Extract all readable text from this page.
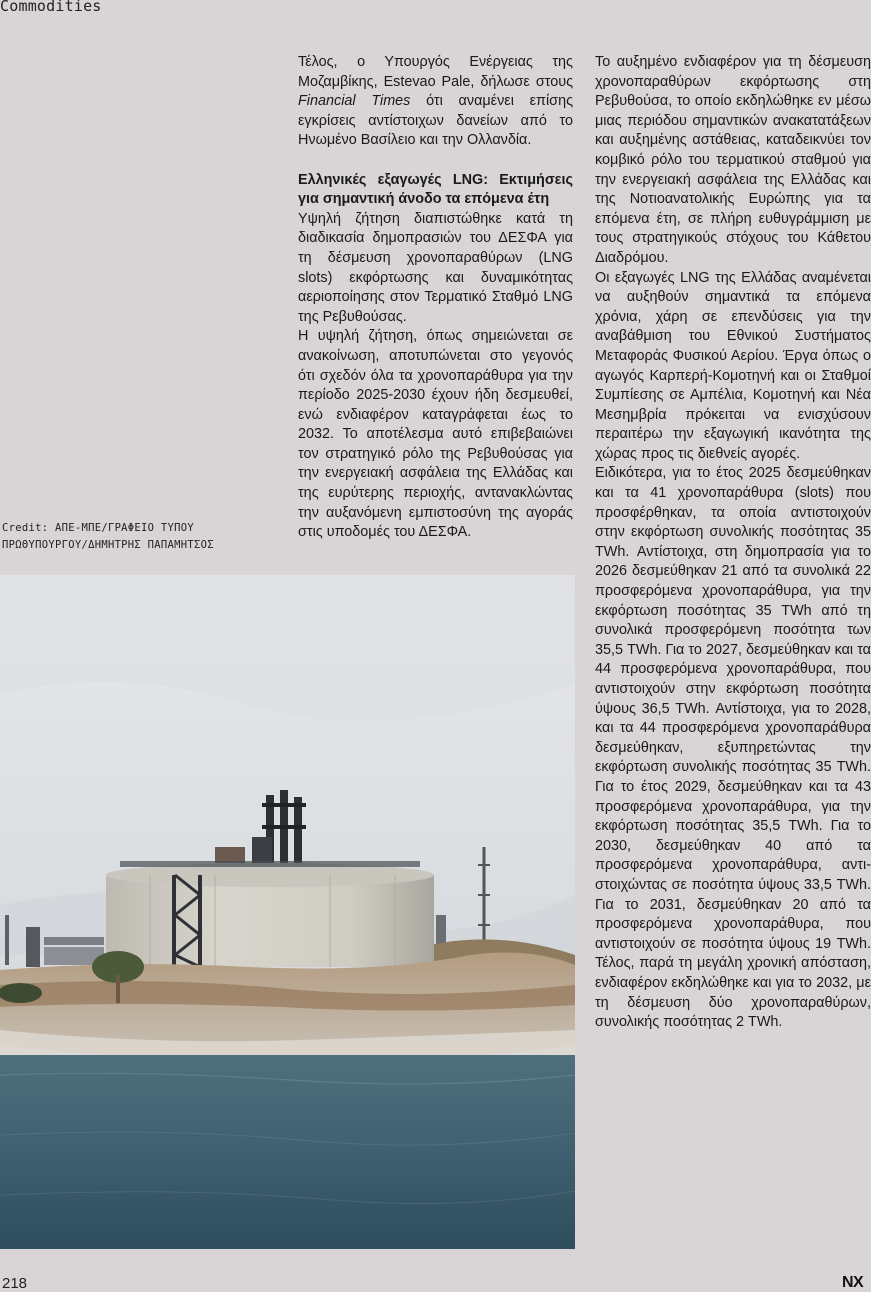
Commodities
Credit: ΑΠΕ-ΜΠΕ/ΓΡΑΦΕΙΟ ΤΥΠΟΥ
ΠΡΩΘΥΠΟΥΡΓΟΥ/ΔΗΜΗΤΡΗΣ ΠΑΠΑΜΗΤΣΟΣ

Τέλος, ο Υπουργός Ενέργειας της Μοζαμβίκης, Estevao Pale, δήλωσε στους Financial Times ότι αναμένει επίσης εγκρίσεις αντίστοιχων δανείων από το Ηνωμένο Βασίλειο και την Ολλανδία.

Ελληνικές εξαγωγές LNG: Εκτιμήσεις για σημαντική άνοδο τα επόμενα έτη

Υψηλή ζήτηση διαπιστώθηκε κατά τη διαδικασία δημοπρασιών του ΔΕΣΦΑ για τη δέσμευση χρονοπαραθύρων (LNG slots) εκφόρτωσης και δυναμικότητας αεριοποίησης στον Τερματικό Σταθμό LNG της Ρεβυθούσας.

Η υψηλή ζήτηση, όπως σημειώνεται σε ανακοίνωση, αποτυπώνεται στο γεγονός ότι σχεδόν όλα τα χρονοπαράθυρα για την περίοδο 2025-2030 έχουν ήδη δεσμευθεί, ενώ ενδιαφέρον καταγράφεται έως το 2032. Το αποτέλεσμα αυτό επιβεβαιώνει τον στρατηγικό ρόλο της Ρεβυθούσας για την ενεργειακή ασφάλεια της Ελλάδας και της ευρύτερης περιοχής, αντανακλώντας την αυξανόμενη εμπιστοσύνη της αγοράς στις υποδομές του ΔΕΣΦΑ.

Το αυξημένο ενδιαφέρον για τη δέσμευση χρονοπαραθύρων εκφόρτωσης στη Ρεβυθούσα, το οποίο εκδηλώθηκε εν μέσω μιας περιόδου σημαντικών ανακατατάξεων και αυξημένης αστάθειας, καταδεικνύει τον κομβικό ρόλο του τερματικού σταθμού για την ενεργειακή ασφάλεια της Ελλάδας και της Νοτιοανατολικής Ευρώπης για τα επόμενα έτη, σε πλήρη ευθυγράμμιση με τους στρατηγικούς στόχους του Κάθετου Διαδρόμου.

Οι εξαγωγές LNG της Ελλάδας αναμένεται να αυξηθούν σημαντικά τα επόμενα χρόνια, χάρη σε επενδύσεις για την αναβάθμιση του Εθνικού Συστήματος Μεταφοράς Φυσικού Αερίου. Έργα όπως ο αγωγός Καρπερή-Κομοτηνή και οι Σταθμοί Συμπίεσης σε Αμπέλια, Κομοτηνή και Νέα Μεσημβρία πρόκειται να ενισχύσουν περαιτέρω την εξαγωγική ικανότητα της χώρας προς τις διεθνείς αγορές.

Ειδικότερα, για το έτος 2025 δεσμεύθηκαν και τα 41 χρονοπαράθυρα (slots) που προσφέρθηκαν, τα οποία αντιστοιχούν στην εκφόρτωση συνολικής ποσότητας 35 TWh. Αντίστοιχα, στη δημοπρασία για το 2026 δεσμεύθηκαν 21 από τα συνολικά 22 προσφερόμενα χρονοπαράθυρα, για την εκφόρτωση ποσότητας 35 TWh από τη συνολικά προσφερόμενη ποσότητα των 35,5 TWh. Για το 2027, δεσμεύθηκαν και τα 44 προσφερόμενα χρονοπαράθυρα, που αντιστοιχούν στην εκφόρτωση ποσότητα ύψους 36,5 TWh. Αντίστοιχα, για το 2028, και τα 44 προσφερόμενα χρονοπαράθυρα δεσμεύθηκαν, εξυπηρετώντας την εκφόρτωση συνολικής ποσότητας 35 TWh. Για το έτος 2029, δεσμεύθηκαν και τα 43 προσφερόμενα χρονοπαράθυρα, για την εκφόρτωση ποσότητας 35,5 TWh. Για το 2030, δεσμεύθηκαν 40 από τα προσφερόμενα χρονοπαράθυρα, αντιστοιχώντας σε ποσότητα ύψους 33,5 TWh. Για το 2031, δεσμεύθηκαν 20 από τα προσφερόμενα χρονοπαράθυρα, που αντιστοιχούν σε ποσότητα ύψους 19 TWh. Τέλος, παρά τη μεγάλη χρονική απόσταση, ενδιαφέρον εκδηλώθηκε και για το 2032, με τη δέσμευση δύο χρονοπαραθύρων, συνολικής ποσότητας 2 TWh.

218	NX
